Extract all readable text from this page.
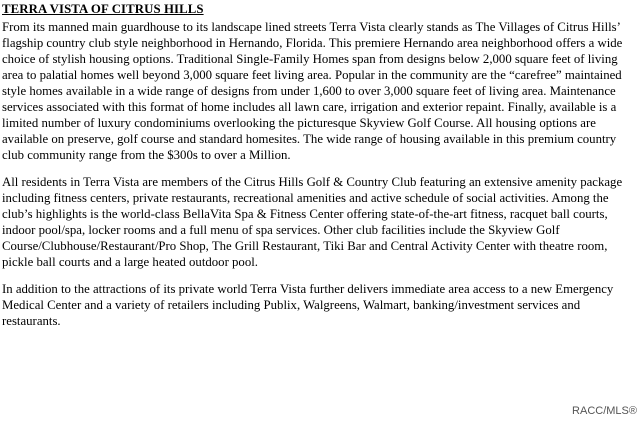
TERRA VISTA OF CITRUS HILLS

From its manned main guardhouse to its landscape lined streets Terra Vista clearly stands as The Villages of Citrus Hills’ flagship country club style neighborhood in Hernando, Florida. This premiere Hernando area neighborhood offers a wide choice of stylish housing options. Traditional Single-Family Homes span from designs below 2,000 square feet of living area to palatial homes well beyond 3,000 square feet living area. Popular in the community are the “carefree” maintained style homes available in a wide range of designs from under 1,600 to over 3,000 square feet of living area. Maintenance services associated with this format of home includes all lawn care, irrigation and exterior repaint. Finally, available is a limited number of luxury condominiums overlooking the picturesque Skyview Golf Course. All housing options are available on preserve, golf course and standard homesites. The wide range of housing available in this premium country club community range from the $300s to over a Million.

All residents in Terra Vista are members of the Citrus Hills Golf & Country Club featuring an extensive amenity package including fitness centers, private restaurants, recreational amenities and active schedule of social activities. Among the club’s highlights is the world-class BellaVita Spa & Fitness Center offering state-of-the-art fitness, racquet ball courts, indoor pool/spa, locker rooms and a full menu of spa services. Other club facilities include the Skyview Golf Course/Clubhouse/Restaurant/Pro Shop, The Grill Restaurant, Tiki Bar and Central Activity Center with theatre room, pickle ball courts and a large heated outdoor pool.

In addition to the attractions of its private world Terra Vista further delivers immediate area access to a new Emergency Medical Center and a variety of retailers including Publix, Walgreens, Walmart, banking/investment services and restaurants.

RACC/MLS®
